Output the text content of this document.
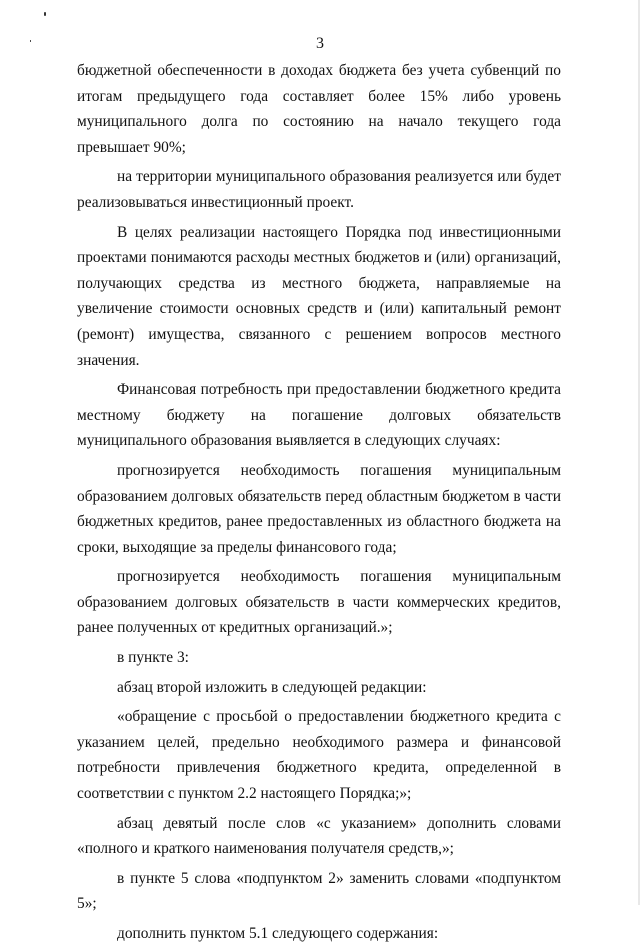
3

бюджетной обеспеченности в доходах бюджета без учета субвенций по итогам предыдущего года составляет более 15% либо уровень муниципального долга по состоянию на начало текущего года превышает 90%;

на территории муниципального образования реализуется или будет реализовываться инвестиционный проект.

В целях реализации настоящего Порядка под инвестиционными проектами понимаются расходы местных бюджетов и (или) организаций, получающих средства из местного бюджета, направляемые на увеличение стоимости основных средств и (или) капитальный ремонт (ремонт) имущества, связанного с решением вопросов местного значения.

Финансовая потребность при предоставлении бюджетного кредита местному бюджету на погашение долговых обязательств муниципального образования выявляется в следующих случаях:

прогнозируется необходимость погашения муниципальным образованием долговых обязательств перед областным бюджетом в части бюджетных кредитов, ранее предоставленных из областного бюджета на сроки, выходящие за пределы финансового года;

прогнозируется необходимость погашения муниципальным образованием долговых обязательств в части коммерческих кредитов, ранее полученных от кредитных организаций.»;

в пункте 3:

абзац второй изложить в следующей редакции:

«обращение с просьбой о предоставлении бюджетного кредита с указанием целей, предельно необходимого размера и финансовой потребности привлечения бюджетного кредита, определенной в соответствии с пунктом 2.2 настоящего Порядка;»;

абзац девятый после слов «с указанием» дополнить словами «полного и краткого наименования получателя средств,»;

в пункте 5 слова «подпунктом 2» заменить словами «подпунктом 5»;

дополнить пунктом 5.1 следующего содержания:
